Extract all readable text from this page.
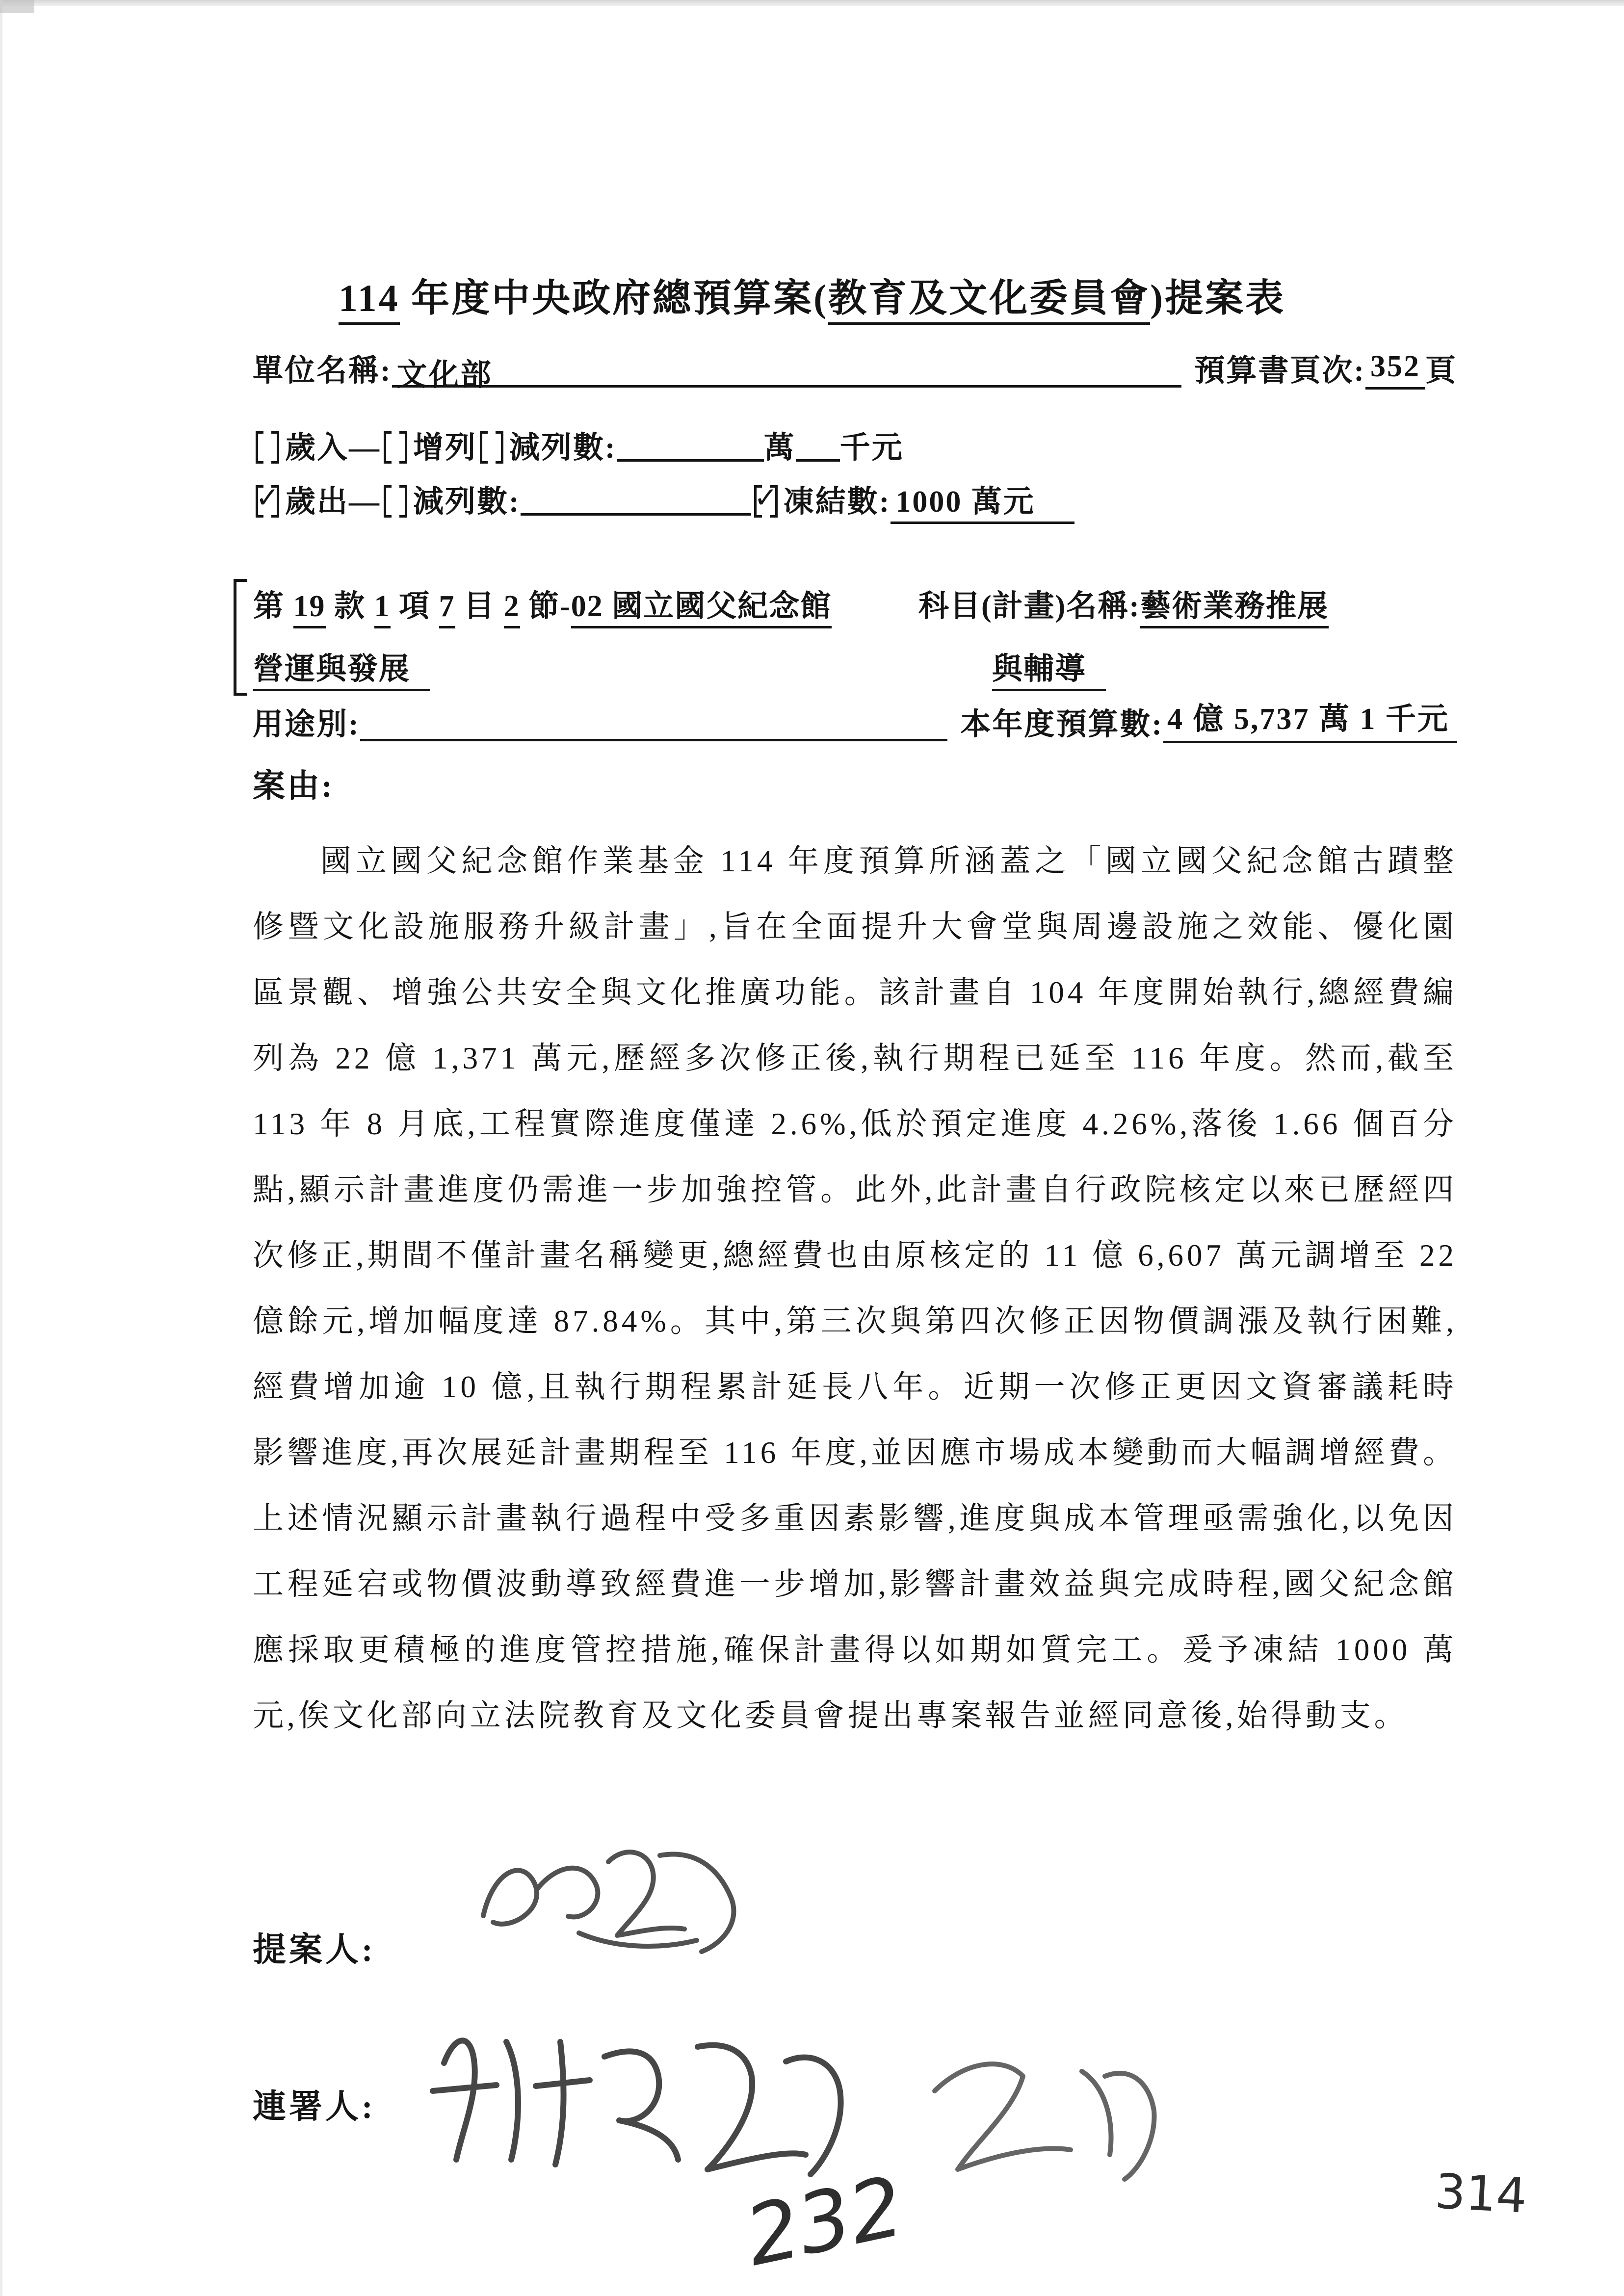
114 年度中央政府總預算案(教育及文化委員會)提案表
單位名稱: 文化部	預算書頁次: 352 頁
歲入— 增列 減列數:	萬 千元
✓ 歲出— 減列數:	✓ 凍結數: 1000 萬元
第 19 款 1 項 7 目 2 節-02 國立國父紀念館
營運與發展
科目(計畫)名稱:藝術業務推展
與輔導
用途別:	本年度預算數: 4 億 5,737 萬 1 千元
案由:
國立國父紀念館作業基金 114 年度預算所涵蓋之「國立國父紀念館古蹟整修暨文化設施服務升級計畫」,旨在全面提升大會堂與周邊設施之效能、優化園區景觀、增強公共安全與文化推廣功能。該計畫自 104 年度開始執行,總經費編列為 22 億 1,371 萬元,歷經多次修正後,執行期程已延至 116 年度。然而,截至 113 年 8 月底,工程實際進度僅達 2.6%,低於預定進度 4.26%,落後 1.66 個百分點,顯示計畫進度仍需進一步加強控管。此外,此計畫自行政院核定以來已歷經四次修正,期間不僅計畫名稱變更,總經費也由原核定的 11 億 6,607 萬元調增至 22 億餘元,增加幅度達 87.84%。其中,第三次與第四次修正因物價調漲及執行困難,經費增加逾 10 億,且執行期程累計延長八年。近期一次修正更因文資審議耗時影響進度,再次展延計畫期程至 116 年度,並因應市場成本變動而大幅調增經費。上述情況顯示計畫執行過程中受多重因素影響,進度與成本管理亟需強化,以免因工程延宕或物價波動導致經費進一步增加,影響計畫效益與完成時程,國父紀念館應採取更積極的進度管控措施,確保計畫得以如期如質完工。爰予凍結 1000 萬元,俟文化部向立法院教育及文化委員會提出專案報告並經同意後,始得動支。
提案人:
連署人:
232	314
